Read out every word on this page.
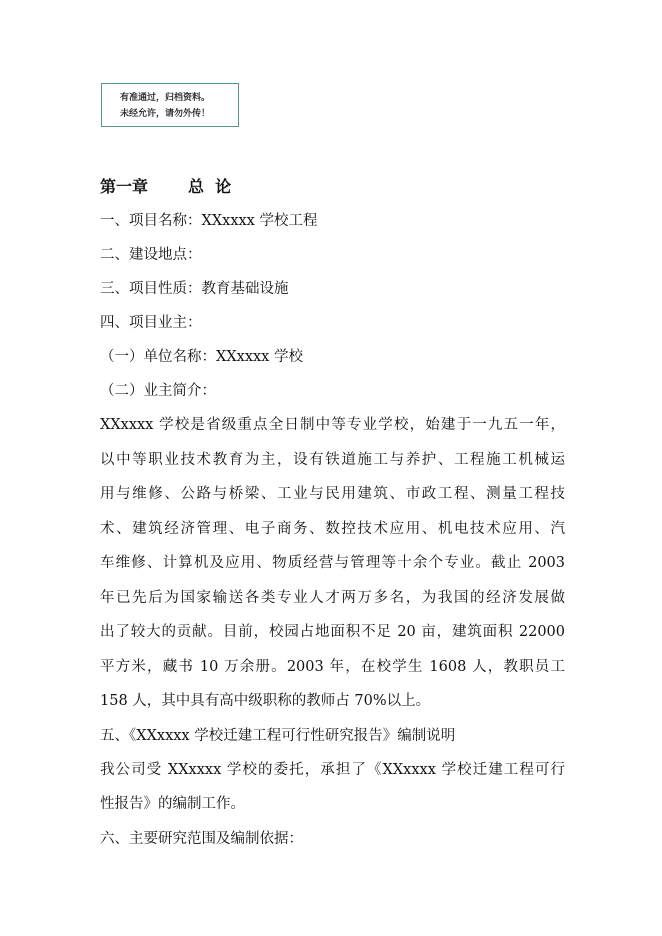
有准通过，归档资料。
未经允许，请勿外传！
第一章	总  论
一、项目名称：XXxxxx 学校工程
二、建设地点：
三、项目性质：教育基础设施
四、项目业主：
（一）单位名称：XXxxxx 学校
（二）业主简介：
XXxxxx 学校是省级重点全日制中等专业学校，始建于一九五一年，
以中等职业技术教育为主，设有铁道施工与养护、工程施工机械运
用与维修、公路与桥梁、工业与民用建筑、市政工程、测量工程技
术、建筑经济管理、电子商务、数控技术应用、机电技术应用、汽
车维修、计算机及应用、物质经营与管理等十余个专业。截止 2003
年已先后为国家输送各类专业人才两万多名，为我国的经济发展做
出了较大的贡献。目前，校园占地面积不足 20 亩，建筑面积 22000
平方米，藏书 10 万余册。2003 年，在校学生 1608 人，教职员工
158 人，其中具有高中级职称的教师占 70%以上。
五、《XXxxxx 学校迁建工程可行性研究报告》编制说明
我公司受 XXxxxx 学校的委托，承担了《XXxxxx 学校迁建工程可行
性报告》的编制工作。
六、主要研究范围及编制依据：
